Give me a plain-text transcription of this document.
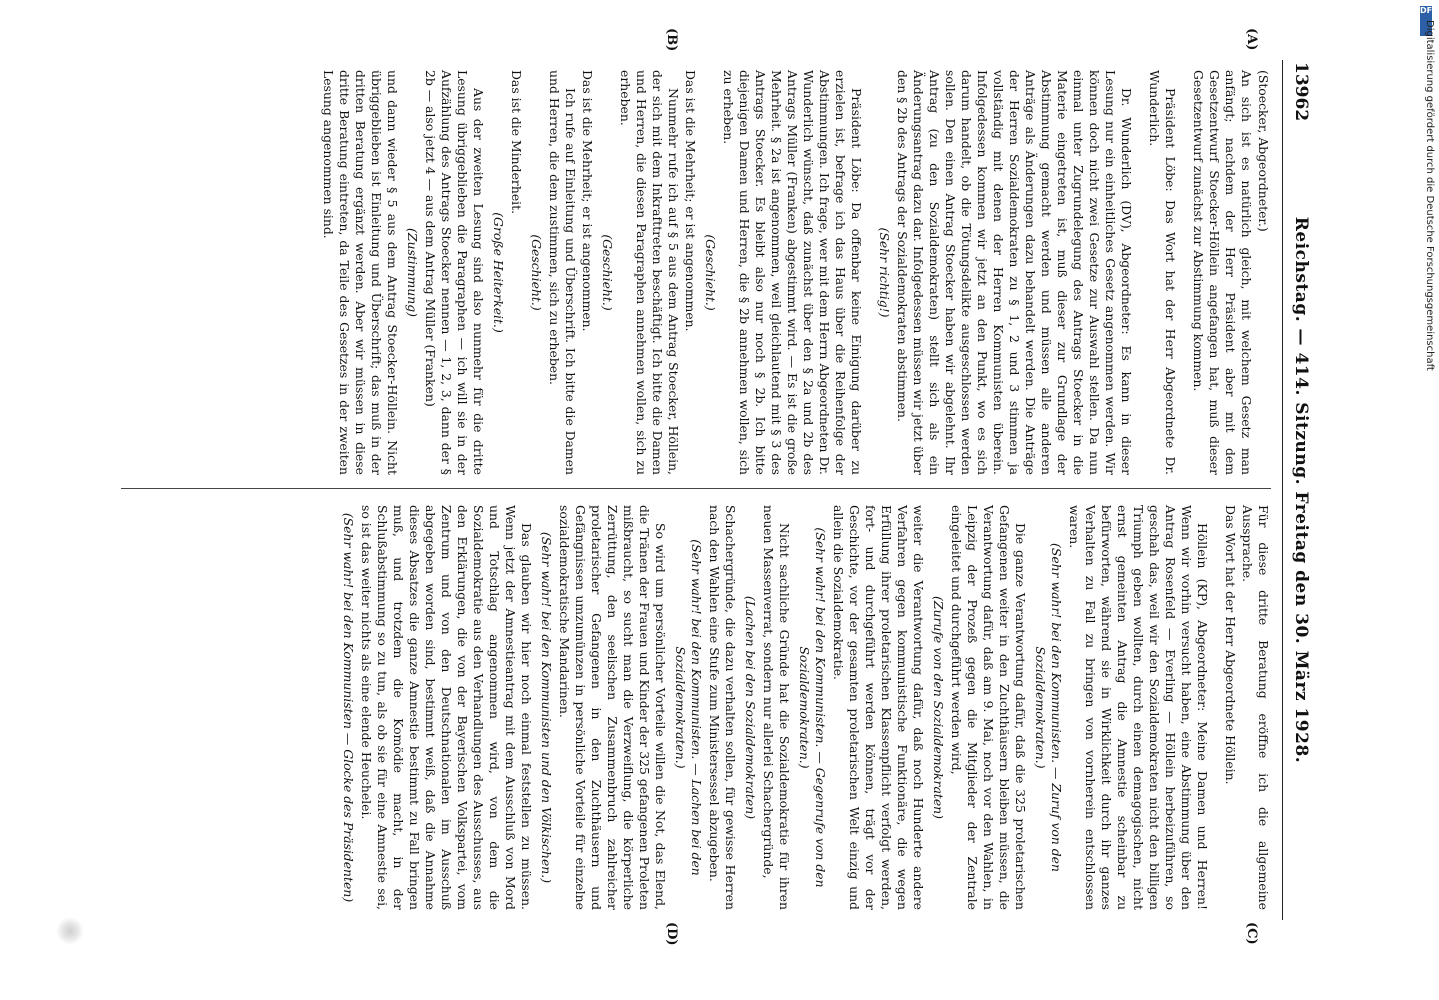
13962
Reichstag. — 414. Sitzung. Freitag den 30. März 1928.

(Stoecker, Abgeordneter.)

An sich ist es natürlich gleich, mit welchem Gesetz man anfängt; nachdem der Herr Präsident aber mit dem Gesetzentwurf Stoecker-Höllein angefangen hat, muß dieser Gesetzentwurf zunächst zur Abstimmung kommen.

Präsident Löbe: Das Wort hat der Herr Abgeordnete Dr. Wunderlich.

Dr. Wunderlich (DV), Abgeordneter: Es kann in dieser Lesung nur ein einheitliches Gesetz angenommen werden. Wir können doch nicht zwei Gesetze zur Auswahl stellen. Da nun einmal unter Zugrundelegung des Antrags Stoecker in die Materie eingetreten ist, muß dieser zur Grundlage der Abstimmung gemacht werden und müssen alle anderen Anträge als Änderungen dazu behandelt werden. Die Anträge der Herren Sozialdemokraten zu § 1, 2 und 3 stimmen ja vollständig mit denen der Herren Kommunisten überein. Infolgedessen kommen wir jetzt an den Punkt, wo es sich darum handelt, ob die Tötungsdelikte ausgeschlossen werden sollen. Den einen Antrag Stoecker haben wir abgelehnt. Ihr Antrag (zu den Sozialdemokraten) stellt sich als ein Änderungsantrag dazu dar. Infolgedessen müssen wir jetzt über den § 2b des Antrags der Sozialdemokraten abstimmen.

(Sehr richtig!)

Präsident Löbe: Da offenbar keine Einigung darüber zu erzielen ist, befrage ich das Haus über die Reihenfolge der Abstimmungen. Ich frage, wer mit dem Herrn Abgeordneten Dr. Wunderlich wünscht, daß zunächst über den § 2a und 2b des Antrags Müller (Franken) abgestimmt wird. — Es ist die große Mehrheit. § 2a ist angenommen, weil gleichlautend mit § 3 des Antrags Stoecker. Es bleibt also nur noch § 2b. Ich bitte diejenigen Damen und Herren, die § 2b annehmen wollen, sich zu erheben.

(Geschieht.)

Das ist die Mehrheit; er ist angenommen.

Nunmehr rufe ich auf § 5 aus dem Antrag Stoecker, Höllein, der sich mit dem Inkrafttreten beschäftigt. Ich bitte die Damen und Herren, die diesen Paragraphen annehmen wollen, sich zu erheben.

(Geschieht.)

Das ist die Mehrheit; er ist angenommen.

Ich rufe auf Einleitung und Überschrift. Ich bitte die Damen und Herren, die dem zustimmen, sich zu erheben.

(Geschieht.)

Das ist die Minderheit.

(Große Heiterkeit.)

Aus der zweiten Lesung sind also nunmehr für die dritte Lesung übriggeblieben die Paragraphen — ich will sie in der Aufzählung des Antrags Stoecker nennen — 1, 2, 3, dann der § 2b — also jetzt 4 — aus dem Antrag Müller (Franken)

(Zustimmung)

und dann wieder § 5 aus dem Antrag Stoecker-Höllein. Nicht übriggeblieben ist Einleitung und Überschrift; das muß in der dritten Beratung ergänzt werden. Aber wir müssen in diese dritte Beratung eintreten, da Teile des Gesetzes in der zweiten Lesung angenommen sind.

Für diese dritte Beratung eröffne ich die allgemeine Aussprache.

Das Wort hat der Herr Abgeordnete Höllein.

Höllein (KP), Abgeordneter: Meine Damen und Herren! Wenn wir vorhin versucht haben, eine Abstimmung über den Antrag Rosenfeld — Everling — Höllein herbeizuführen, so geschah das, weil wir den Sozialdemokraten nicht den billigen Triumph geben wollten, durch einen demagogischen, nicht ernst gemeinten Antrag die Amnestie scheinbar zu befürworten, während sie in Wirklichkeit durch ihr ganzes Verhalten zu Fall zu bringen von vornherein entschlossen waren.

(Sehr wahr! bei den Kommunisten. — Zuruf von den Sozialdemokraten.)

Die ganze Verantwortung dafür, daß die 325 proletarischen Gefangenen weiter in den Zuchthäusern bleiben müssen, die Verantwortung dafür, daß am 9. Mai, noch vor den Wahlen, in Leipzig der Prozeß gegen die Mitglieder der Zentrale eingeleitet und durchgeführt werden wird,

(Zurufe von den Sozialdemokraten)

weiter die Verantwortung dafür, daß noch Hunderte andere Verfahren gegen kommunistische Funktionäre, die wegen Erfüllung ihrer proletarischen Klassenpflicht verfolgt werden, fort- und durchgeführt werden können, trägt vor der Geschichte, vor der gesamten proletarischen Welt einzig und allein die Sozialdemokratie.

(Sehr wahr! bei den Kommunisten. — Gegenrufe von den Sozialdemokraten.)

Nicht sachliche Gründe hat die Sozialdemokratie für ihren neuen Massenverrat, sondern nur allerlei Schachergründe,

(Lachen bei den Sozialdemokraten)

Schachergründe, die dazu verhalten sollen, für gewisse Herren nach den Wahlen eine Stufe zum Ministersessel abzugeben.

(Sehr wahr! bei den Kommunisten. — Lachen bei den Sozialdemokraten.)

So wird um persönlicher Vorteile willen die Not, das Elend, die Tränen der Frauen und Kinder der 325 gefangenen Proleten mißbraucht, so sucht man die Verzweiflung, die körperliche Zerrüttung, den seelischen Zusammenbruch zahlreicher proletarischer Gefangenen in den Zuchthäusern und Gefängnissen umzumünzen in persönliche Vorteile für einzelne sozialdemokratische Mandarinen.

(Sehr wahr! bei den Kommunisten und den Völkischen.)

Das glauben wir hier noch einmal feststellen zu müssen. Wenn jetzt der Amnestieantrag mit dem Ausschluß von Mord und Totschlag angenommen wird, von dem die Sozialdemokratie aus den Verhandlungen des Ausschusses, aus den Erklärungen, die von der Bayerischen Volkspartei, vom Zentrum und von den Deutschnationalen im Ausschuß abgegeben worden sind, bestimmt weiß, daß die Annahme dieses Absatzes die ganze Amnestie bestimmt zu Fall bringen muß, und trotzdem die Komödie macht, in der Schlußabstimmung so zu tun, als ob sie für eine Amnestie sei, so ist das weiter nichts als eine elende Heuchelei.

(Sehr wahr! bei den Kommunisten — Glocke des Präsidenten)

(A)
(B)
(C)
(D)
DFG
Digitalisierung gefördert durch die Deutsche Forschungsgemeinschaft
